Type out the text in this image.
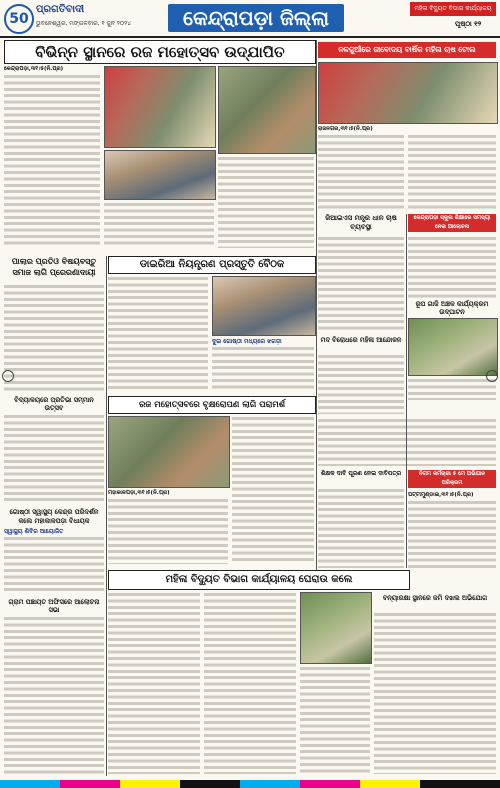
50
ପ୍ରଗତିବାଦୀ
ଭୁବନେଶ୍ୱର, ମଙ୍ଗଳବାର, ୧ ଜୁନ ୨୦୨୪	କେନ୍ଦ୍ରାପଡ଼ା ଜିଲ୍ଲା	ମହିଳା ବିଦ୍ୟୁତ ବିଭାଗ କାର୍ଯ୍ୟାଳୟ
ପୃଷ୍ଠା ୧୨
ବିଭିନ୍ନ ସ୍ଥାନରେ ରଜ ମହୋତ୍ସବ ଉଦ୍‌ଯାପିତ	ନଳଜୁଆଁରେ ଜୀବୋଦୟ ବାର୍ଷିକ ମହିଳା ଚାଷ ଟୋଲ
କେନ୍ଦ୍ରାପଡ଼ା,୩୧।୫(ନି.ପ୍ର)
ରାଜନଗର,୩୧।୫(ନି.ପ୍ର)
ଜିଆଇଏସ ମନ୍ତ୍ର ଧାନ ଚାଷ ବ୍ୟବସ୍ଥା
କେନ୍ଦ୍ରାପଡ଼ା ସ୍କୁଲ ଶିକ୍ଷାରେ ସମସ୍ୟା ନେଇ ଆଲୋଚନା
ରୂପ ଗାଜି ଅଞ୍ଚଳ କାର୍ଯ୍ୟକ୍ରମ ଉଦ୍‌ଘାଟନ
ପାଲାର ପ୍ରତିଓ ବିଷୟବସ୍ତୁ ସମାଜ ଲାଗି ପ୍ରେରଣାଦାୟୀ
ଡାଇରିଆ ନିୟନ୍ତ୍ରଣ ପ୍ରସ୍ତୁତି ବୈଠକ
ଦୁଇ ଗୋଷ୍ଠୀ ମଧ୍ୟରେ ଝଗଡ଼ା	ମଦ ବିରୋଧରେ ମହିଳା ଆନ୍ଦୋଳନ
ବିଦ୍ୟାଳୟରେ ପ୍ରତିଭା ସମ୍ମାନ ଉତ୍ସବ	ରଜ ମହୋତ୍ସବରେ ବୃକ୍ଷରୋପଣ ଲାଗି ପରାମର୍ଶ
ମହାକାଳପଡ଼ା,୩୧।୫(ନି.ପ୍ର)
ଶିକ୍ଷକ ଦାବି ପୂରଣ ନେଇ ଦାବିପତ୍ର	ନିଗମ କର୍ମଚାରୀ ୫ ମେ ଅଭିଯାନ ପରିକ୍ରମ
ପଟ୍ଟାମୁଣ୍ଡାଇ,୩୧।୫(ନି.ପ୍ର)
ଗୋଷ୍ଠୀ ସ୍ୱାସ୍ଥ୍ୟ କେନ୍ଦ୍ର ପରିଦର୍ଶନ କଲେ ମହାକାଳପଡ଼ା ବିଧାୟକ
ସ୍ୱାସ୍ଥ୍ୟ ଶିବିର ଆୟୋଜିତ
ମହିଳା ବିଦ୍ୟୁତ ବିଭାଗ କାର୍ଯ୍ୟାଳୟ ଘେରାଉ କଲେ
ଗ୍ରାମ ପଞ୍ଚାୟତ ଅଫିସରେ ଆଲୋଚନା ସଭା
ବନ୍ୟାରକ୍ଷା ସ୍ଥାନରେ ଜମି ଦଖଲ ଅଭିଯୋଗ
